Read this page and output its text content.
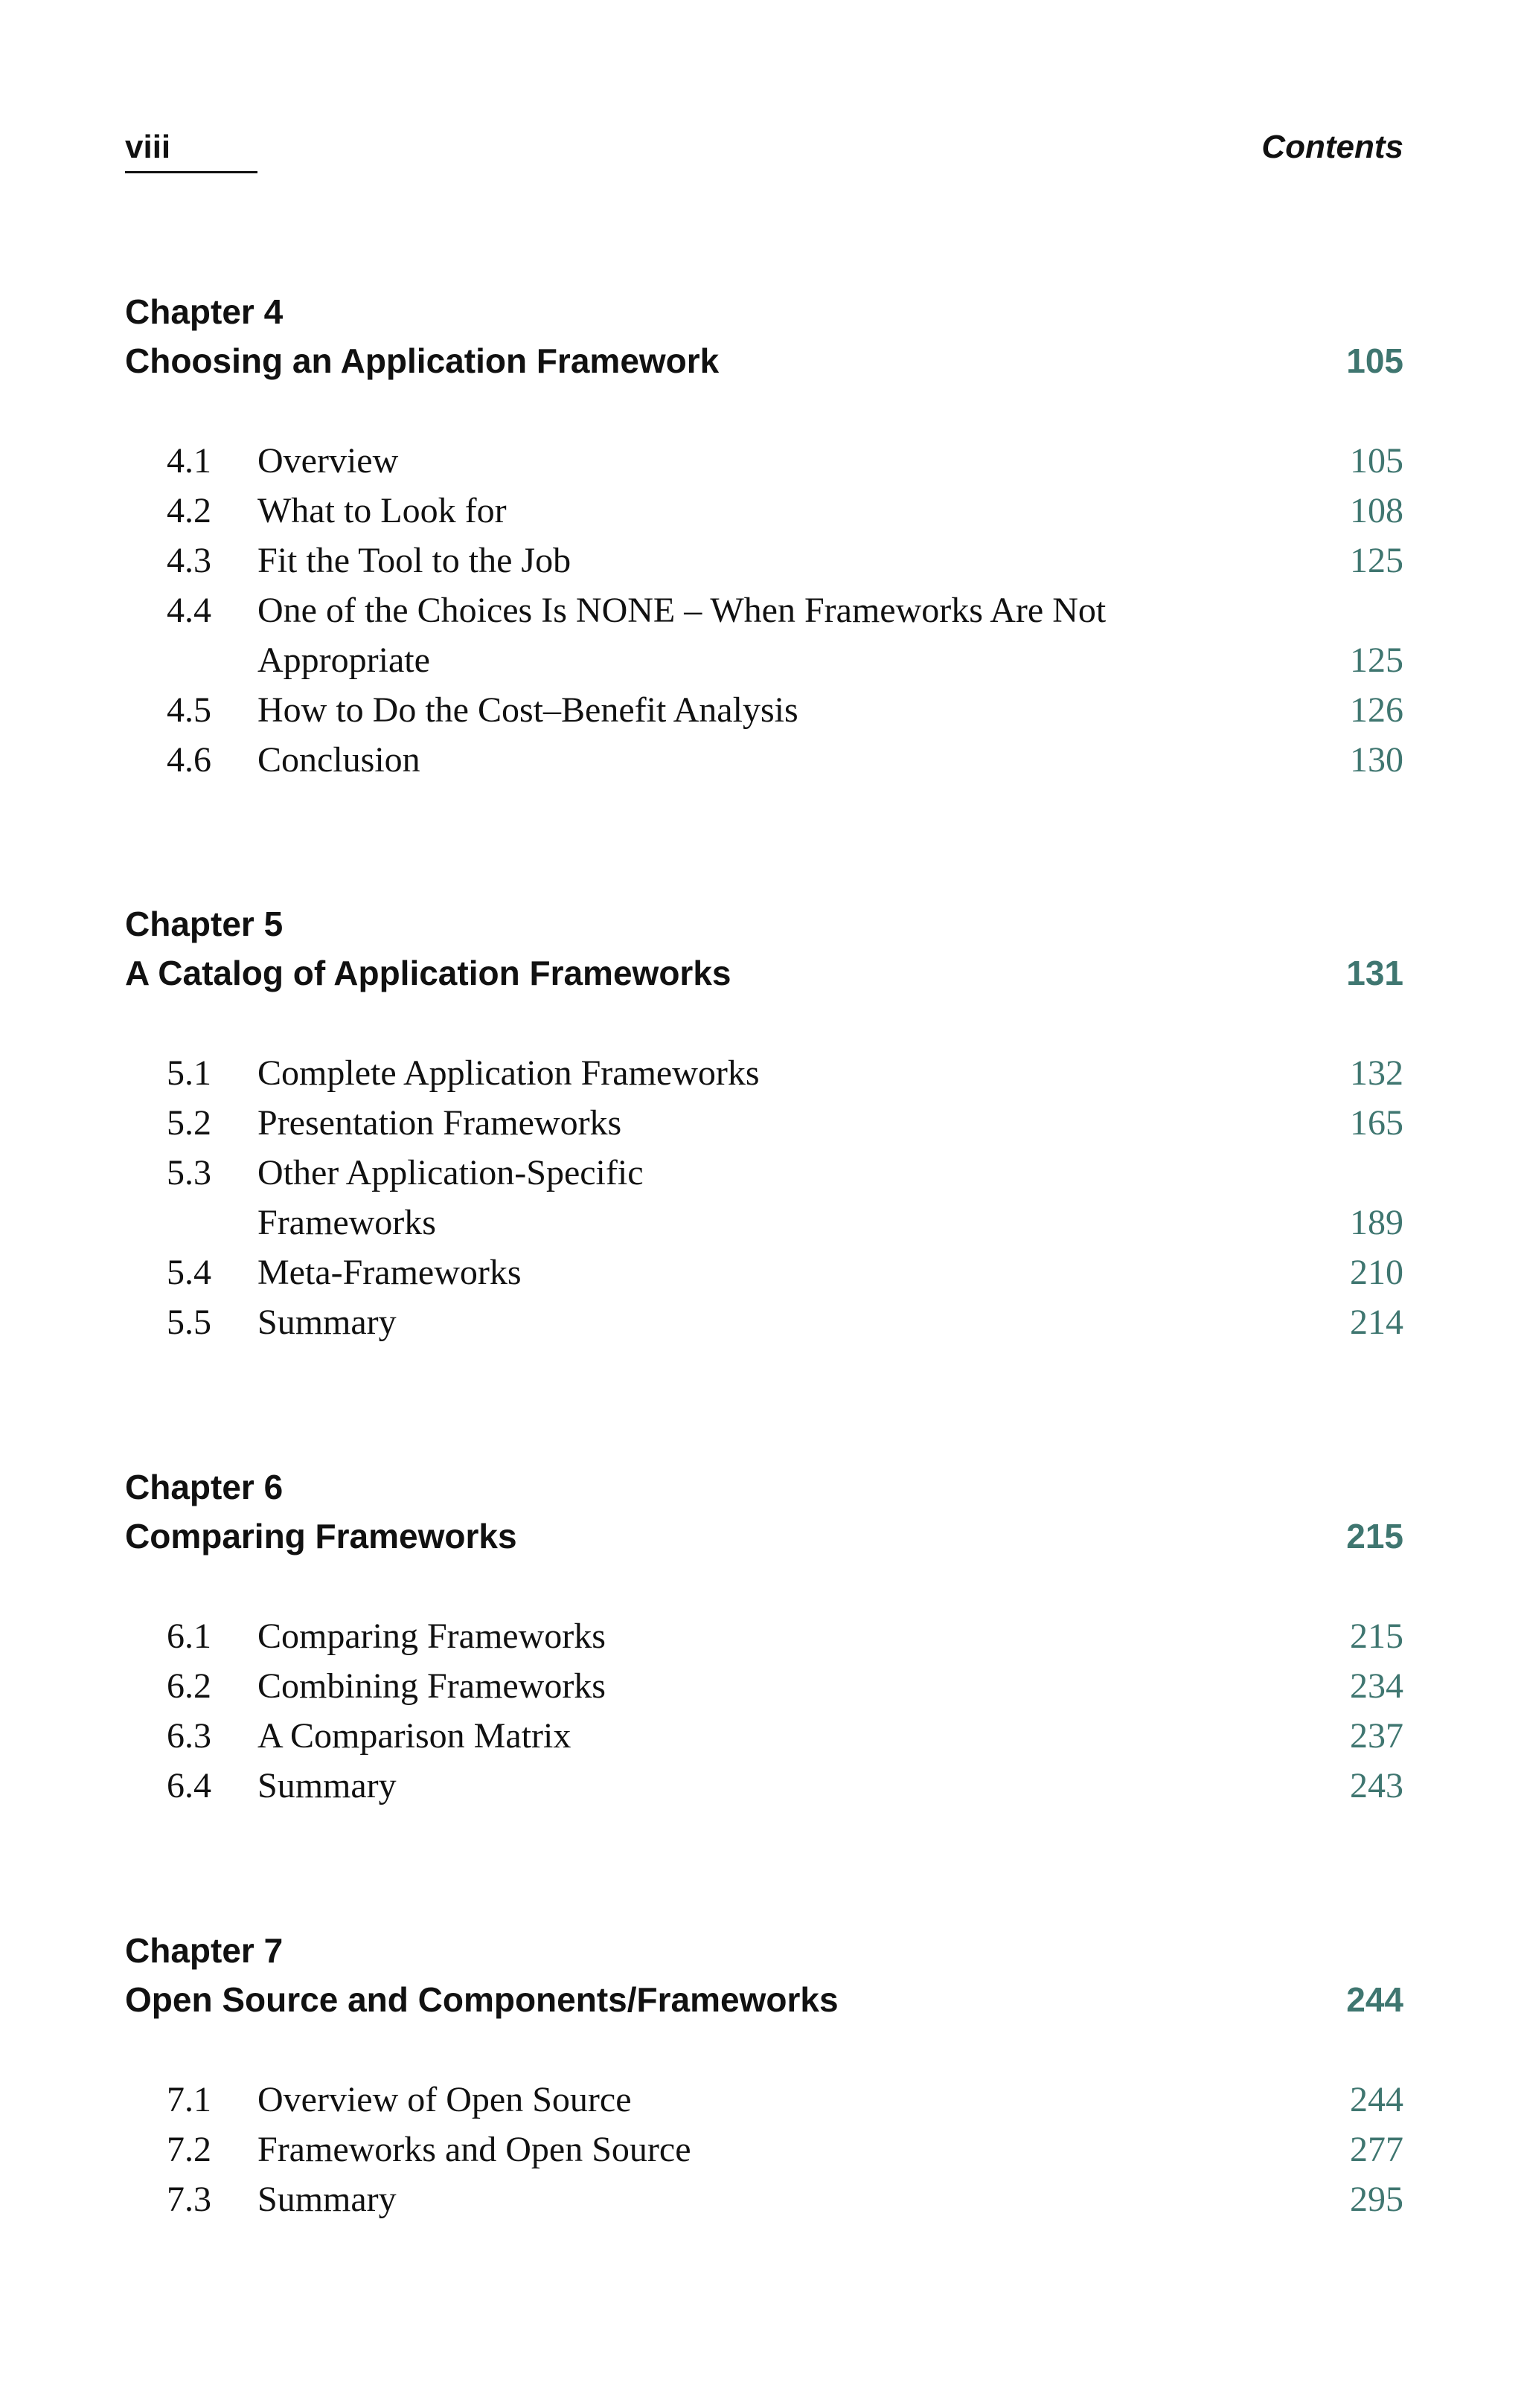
viii	Contents
Chapter 4
Choosing an Application Framework	105
4.1 Overview	105
4.2 What to Look for	108
4.3 Fit the Tool to the Job	125
4.4 One of the Choices Is NONE – When Frameworks Are Not Appropriate	125
4.5 How to Do the Cost–Benefit Analysis	126
4.6 Conclusion	130
Chapter 5
A Catalog of Application Frameworks	131
5.1 Complete Application Frameworks	132
5.2 Presentation Frameworks	165
5.3 Other Application-Specific Frameworks	189
5.4 Meta-Frameworks	210
5.5 Summary	214
Chapter 6
Comparing Frameworks	215
6.1 Comparing Frameworks	215
6.2 Combining Frameworks	234
6.3 A Comparison Matrix	237
6.4 Summary	243
Chapter 7
Open Source and Components/Frameworks	244
7.1 Overview of Open Source	244
7.2 Frameworks and Open Source	277
7.3 Summary	295
